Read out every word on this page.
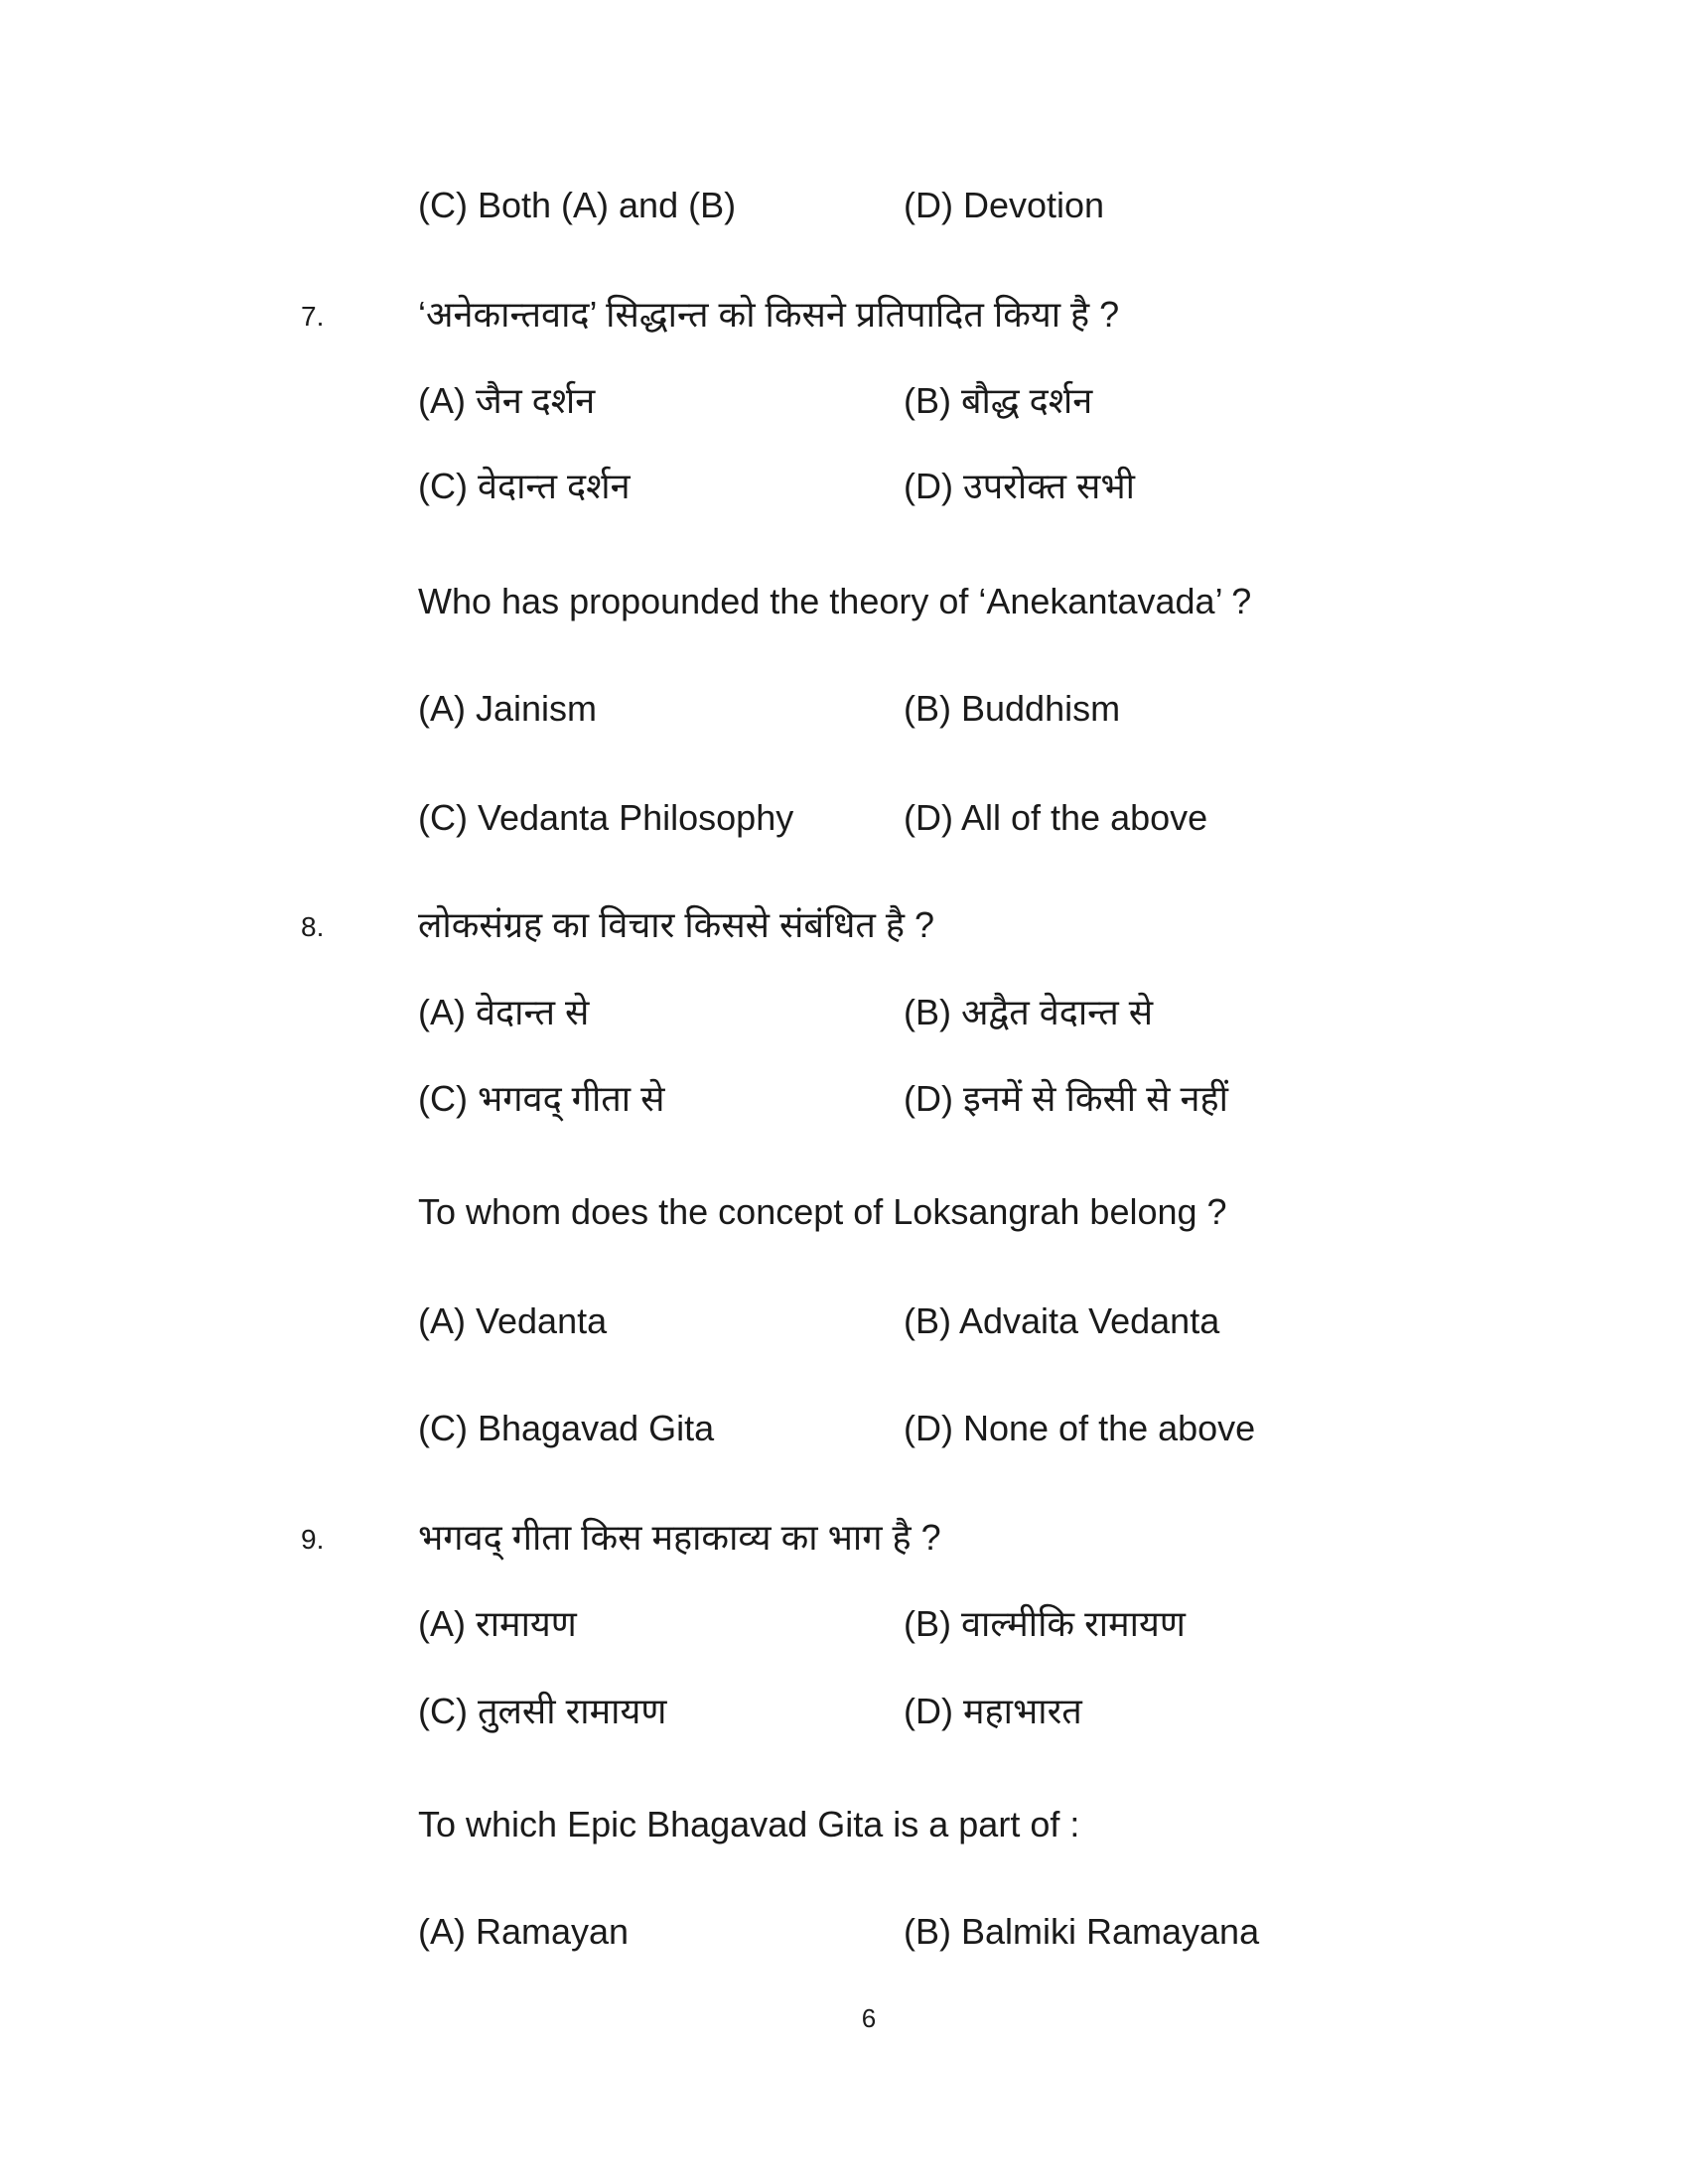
(C) Both (A) and (B)	(D) Devotion
7.	‘अनेकान्तवाद’ सिद्धान्त को किसने प्रतिपादित किया है ?
(A) जैन दर्शन	(B) बौद्ध दर्शन
(C) वेदान्त दर्शन	(D) उपरोक्त सभी
Who has propounded the theory of ‘Anekantavada’ ?
(A) Jainism	(B) Buddhism
(C) Vedanta Philosophy	(D) All of the above
8.	लोकसंग्रह का विचार किससे संबंधित है ?
(A) वेदान्त से	(B) अद्वैत वेदान्त से
(C) भगवद् गीता से	(D) इनमें से किसी से नहीं
To whom does the concept of Loksangrah belong ?
(A) Vedanta	(B) Advaita Vedanta
(C) Bhagavad Gita	(D) None of the above
9.	भगवद् गीता किस महाकाव्य का भाग है ?
(A) रामायण	(B) वाल्मीकि रामायण
(C) तुलसी रामायण	(D) महाभारत
To which Epic Bhagavad Gita is a part of :
(A) Ramayan	(B) Balmiki Ramayana
6
